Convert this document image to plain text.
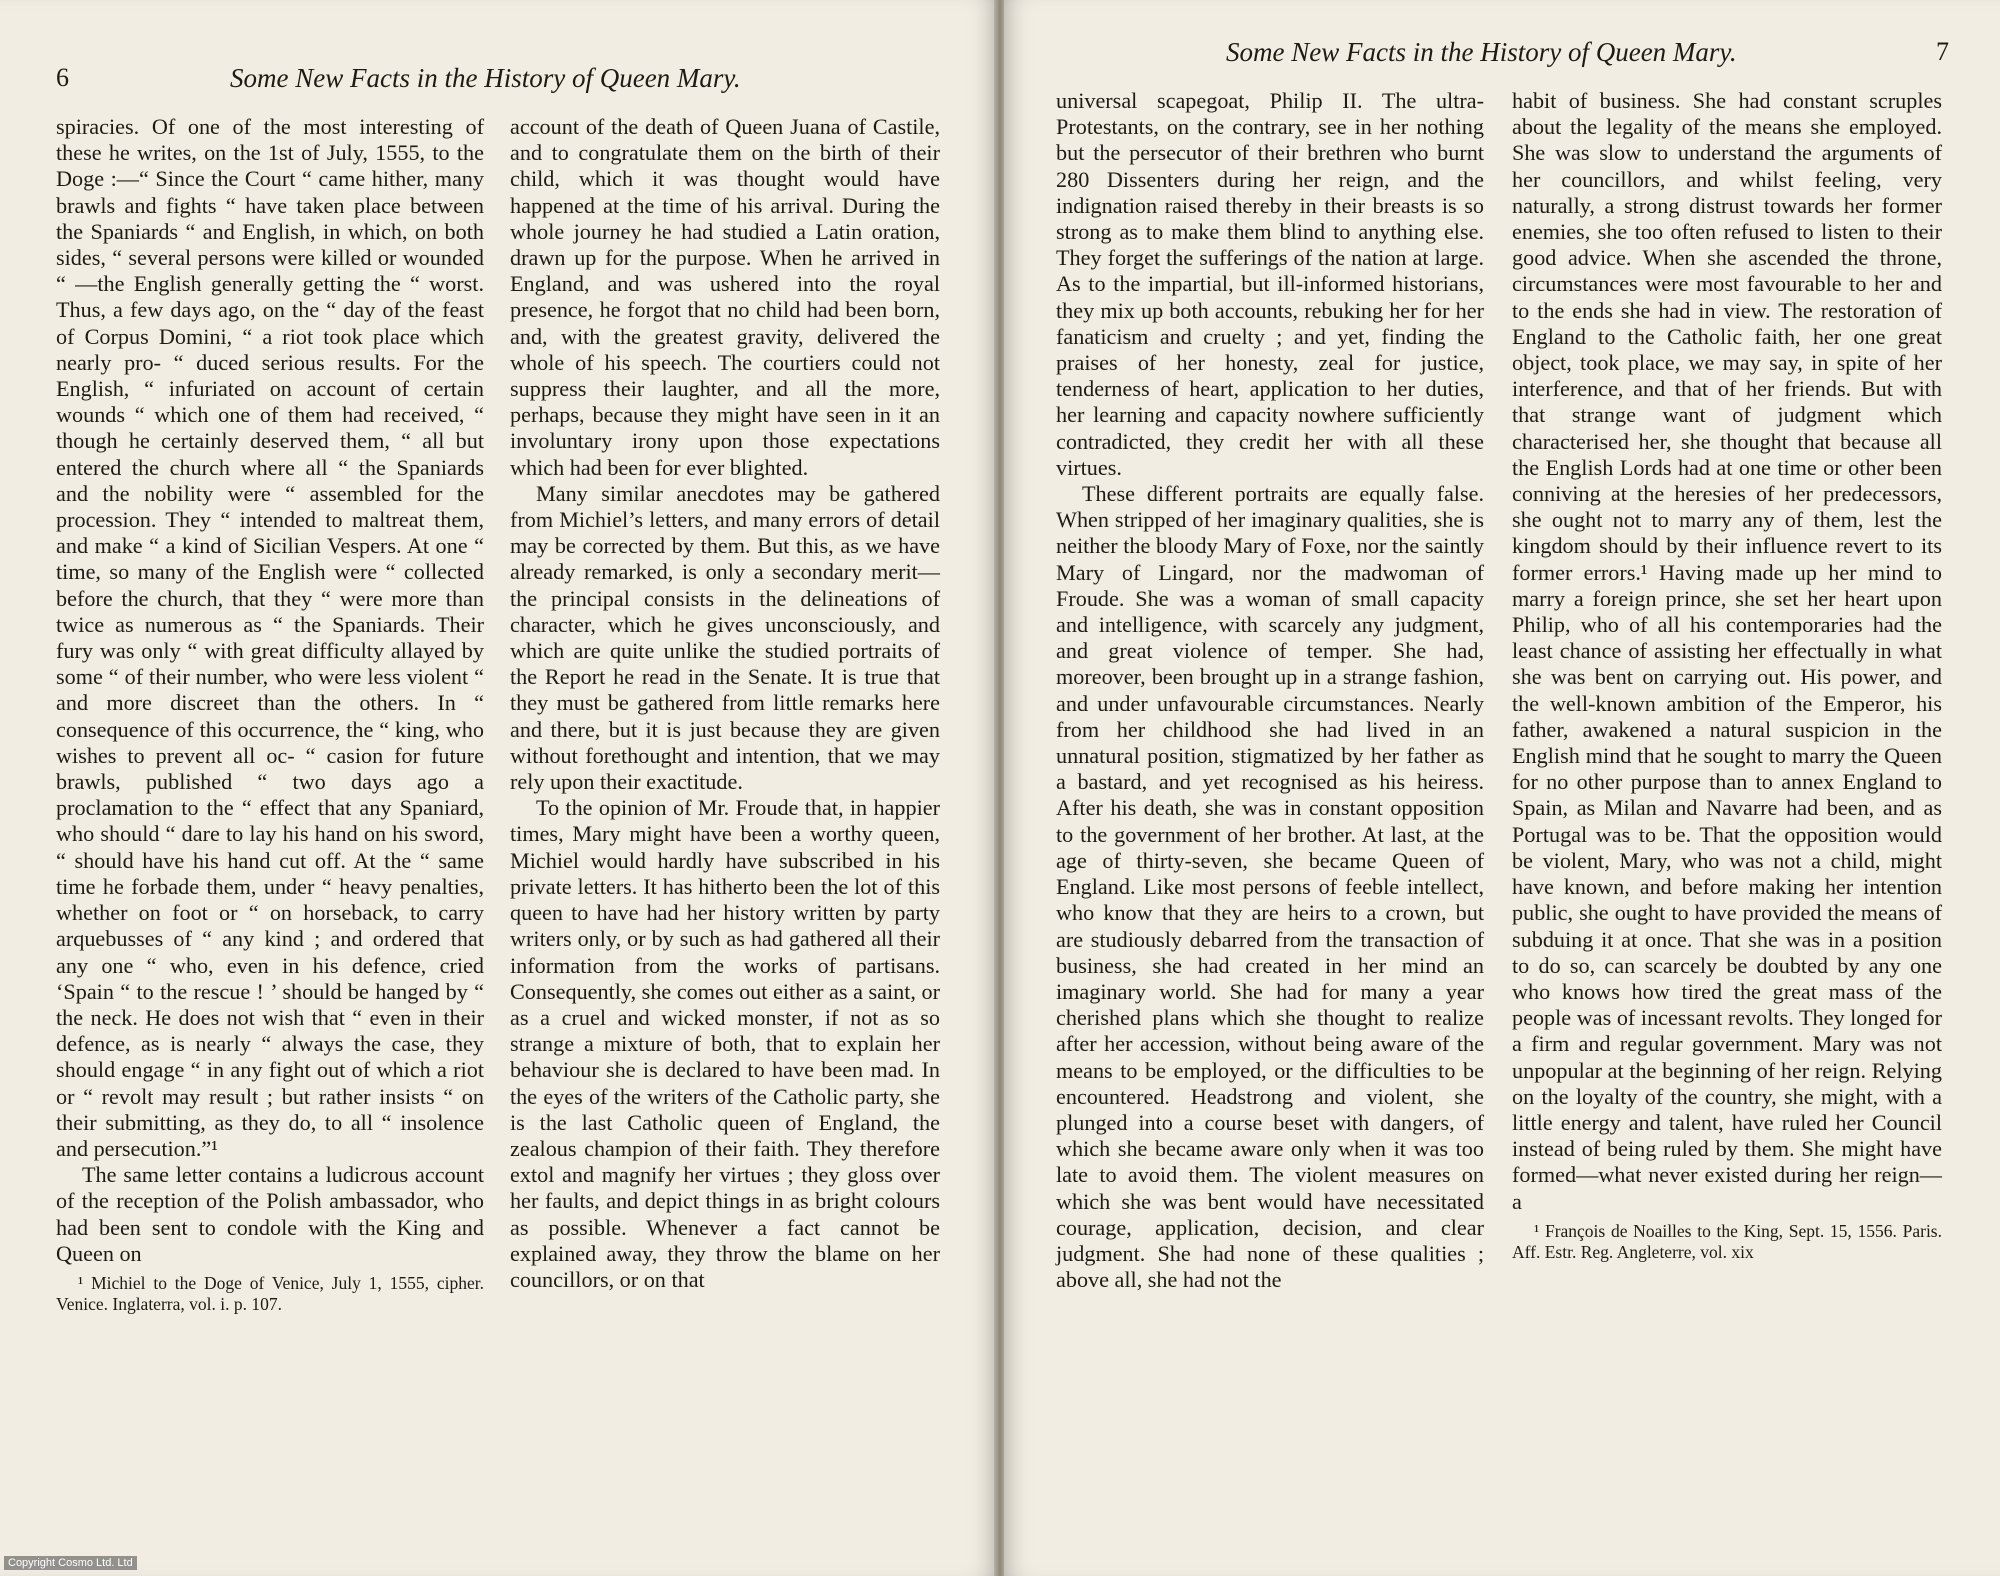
6	Some New Facts in the History of Queen Mary.

spiracies. Of one of the most interesting of these he writes, on the 1st of July, 1555, to the Doge :—“ Since the Court “ came hither, many brawls and fights “ have taken place between the Spaniards “ and English, in which, on both sides, “ several persons were killed or wounded “ —the English generally getting the “ worst. Thus, a few days ago, on the “ day of the feast of Corpus Domini, “ a riot took place which nearly pro- “ duced serious results. For the English, “ infuriated on account of certain wounds “ which one of them had received, “ though he certainly deserved them, “ all but entered the church where all “ the Spaniards and the nobility were “ assembled for the procession. They “ intended to maltreat them, and make “ a kind of Sicilian Vespers. At one “ time, so many of the English were “ collected before the church, that they “ were more than twice as numerous as “ the Spaniards. Their fury was only “ with great difficulty allayed by some “ of their number, who were less violent “ and more discreet than the others. In “ consequence of this occurrence, the “ king, who wishes to prevent all oc- “ casion for future brawls, published “ two days ago a proclamation to the “ effect that any Spaniard, who should “ dare to lay his hand on his sword, “ should have his hand cut off. At the “ same time he forbade them, under “ heavy penalties, whether on foot or “ on horseback, to carry arquebusses of “ any kind ; and ordered that any one “ who, even in his defence, cried ‘Spain “ to the rescue ! ’ should be hanged by “ the neck. He does not wish that “ even in their defence, as is nearly “ always the case, they should engage “ in any fight out of which a riot or “ revolt may result ; but rather insists “ on their submitting, as they do, to all “ insolence and persecution.”¹

The same letter contains a ludicrous account of the reception of the Polish ambassador, who had been sent to condole with the King and Queen on

¹ Michiel to the Doge of Venice, July 1, 1555, cipher. Venice. Inglaterra, vol. i. p. 107.

account of the death of Queen Juana of Castile, and to congratulate them on the birth of their child, which it was thought would have happened at the time of his arrival. During the whole journey he had studied a Latin oration, drawn up for the purpose. When he arrived in England, and was ushered into the royal presence, he forgot that no child had been born, and, with the greatest gravity, delivered the whole of his speech. The courtiers could not suppress their laughter, and all the more, perhaps, because they might have seen in it an involuntary irony upon those expectations which had been for ever blighted.

Many similar anecdotes may be gathered from Michiel’s letters, and many errors of detail may be corrected by them. But this, as we have already remarked, is only a secondary merit—the principal consists in the delineations of character, which he gives unconsciously, and which are quite unlike the studied portraits of the Report he read in the Senate. It is true that they must be gathered from little remarks here and there, but it is just because they are given without forethought and intention, that we may rely upon their exactitude.

To the opinion of Mr. Froude that, in happier times, Mary might have been a worthy queen, Michiel would hardly have subscribed in his private letters. It has hitherto been the lot of this queen to have had her history written by party writers only, or by such as had gathered all their information from the works of partisans. Consequently, she comes out either as a saint, or as a cruel and wicked monster, if not as so strange a mixture of both, that to explain her behaviour she is declared to have been mad. In the eyes of the writers of the Catholic party, she is the last Catholic queen of England, the zealous champion of their faith. They therefore extol and magnify her virtues ; they gloss over her faults, and depict things in as bright colours as possible. Whenever a fact cannot be explained away, they throw the blame on her councillors, or on that

Some New Facts in the History of Queen Mary.	7

universal scapegoat, Philip II. The ultra-Protestants, on the contrary, see in her nothing but the persecutor of their brethren who burnt 280 Dissenters during her reign, and the indignation raised thereby in their breasts is so strong as to make them blind to anything else. They forget the sufferings of the nation at large. As to the impartial, but ill-informed historians, they mix up both accounts, rebuking her for her fanaticism and cruelty ; and yet, finding the praises of her honesty, zeal for justice, tenderness of heart, application to her duties, her learning and capacity nowhere sufficiently contradicted, they credit her with all these virtues.

These different portraits are equally false. When stripped of her imaginary qualities, she is neither the bloody Mary of Foxe, nor the saintly Mary of Lingard, nor the madwoman of Froude. She was a woman of small capacity and intelligence, with scarcely any judgment, and great violence of temper. She had, moreover, been brought up in a strange fashion, and under unfavourable circumstances. Nearly from her childhood she had lived in an unnatural position, stigmatized by her father as a bastard, and yet recognised as his heiress. After his death, she was in constant opposition to the government of her brother. At last, at the age of thirty-seven, she became Queen of England. Like most persons of feeble intellect, who know that they are heirs to a crown, but are studiously debarred from the transaction of business, she had created in her mind an imaginary world. She had for many a year cherished plans which she thought to realize after her accession, without being aware of the means to be employed, or the difficulties to be encountered. Headstrong and violent, she plunged into a course beset with dangers, of which she became aware only when it was too late to avoid them. The violent measures on which she was bent would have necessitated courage, application, decision, and clear judgment. She had none of these qualities ; above all, she had not the

habit of business. She had constant scruples about the legality of the means she employed. She was slow to understand the arguments of her councillors, and whilst feeling, very naturally, a strong distrust towards her former enemies, she too often refused to listen to their good advice. When she ascended the throne, circumstances were most favourable to her and to the ends she had in view. The restoration of England to the Catholic faith, her one great object, took place, we may say, in spite of her interference, and that of her friends. But with that strange want of judgment which characterised her, she thought that because all the English Lords had at one time or other been conniving at the heresies of her predecessors, she ought not to marry any of them, lest the kingdom should by their influence revert to its former errors.¹ Having made up her mind to marry a foreign prince, she set her heart upon Philip, who of all his contemporaries had the least chance of assisting her effectually in what she was bent on carrying out. His power, and the well-known ambition of the Emperor, his father, awakened a natural suspicion in the English mind that he sought to marry the Queen for no other purpose than to annex England to Spain, as Milan and Navarre had been, and as Portugal was to be. That the opposition would be violent, Mary, who was not a child, might have known, and before making her intention public, she ought to have provided the means of subduing it at once. That she was in a position to do so, can scarcely be doubted by any one who knows how tired the great mass of the people was of incessant revolts. They longed for a firm and regular government. Mary was not unpopular at the beginning of her reign. Relying on the loyalty of the country, she might, with a little energy and talent, have ruled her Council instead of being ruled by them. She might have formed—what never existed during her reign—a

¹ François de Noailles to the King, Sept. 15, 1556. Paris. Aff. Estr. Reg. Angleterre, vol. xix
Copyright Cosmo Ltd. Ltd
